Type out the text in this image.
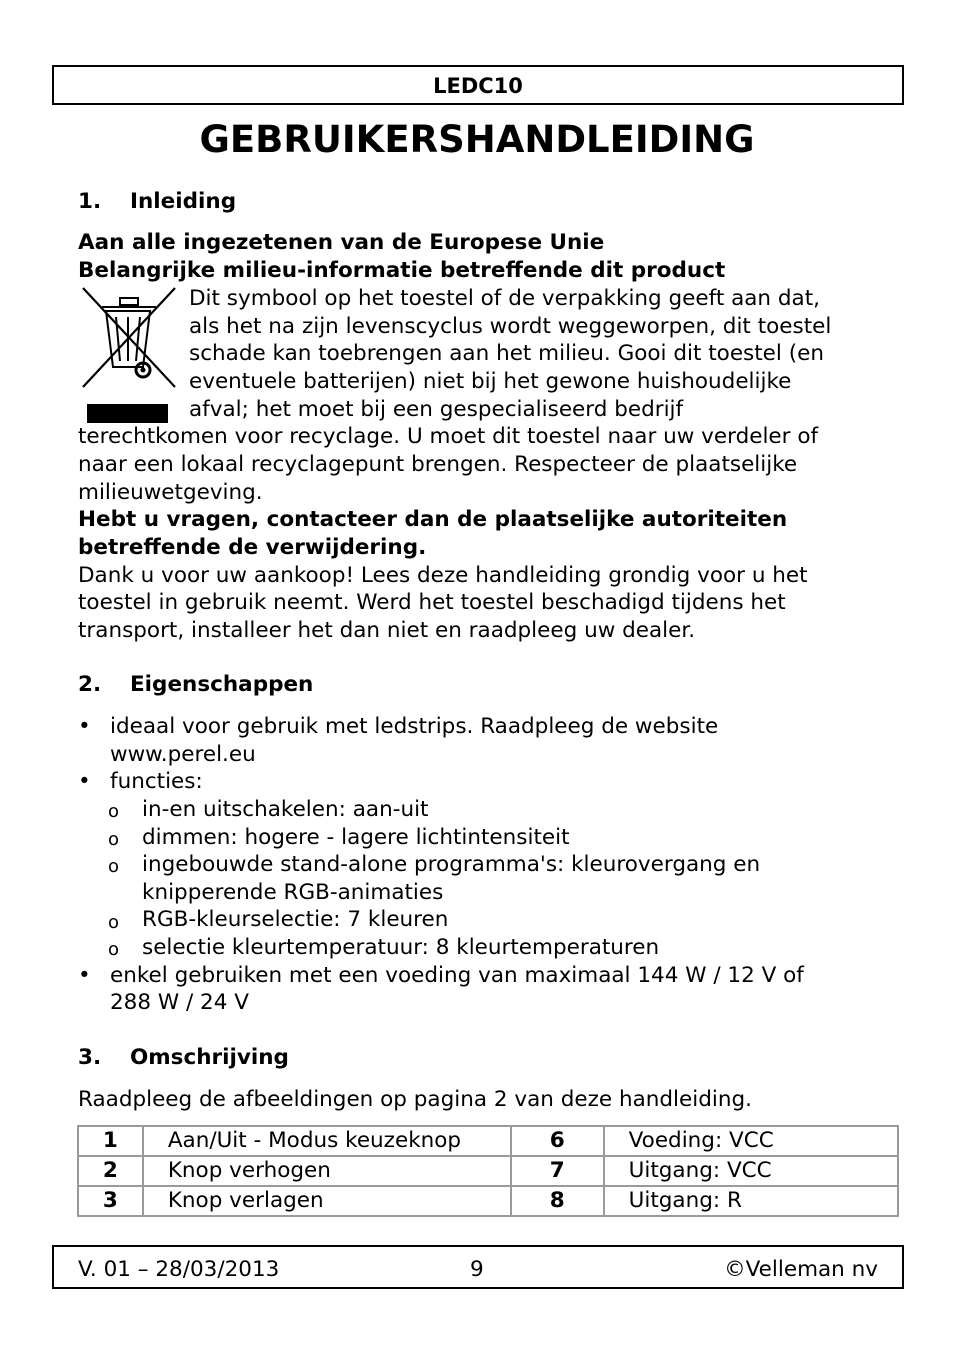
LEDC10
GEBRUIKERSHANDLEIDING
1. Inleiding
Aan alle ingezetenen van de Europese Unie
Belangrijke milieu-informatie betreffende dit product
Dit symbool op het toestel of de verpakking geeft aan dat,
als het na zijn levenscyclus wordt weggeworpen, dit toestel
schade kan toebrengen aan het milieu. Gooi dit toestel (en
eventuele batterijen) niet bij het gewone huishoudelijke
afval; het moet bij een gespecialiseerd bedrijf
terechtkomen voor recyclage. U moet dit toestel naar uw verdeler of
naar een lokaal recyclagepunt brengen. Respecteer de plaatselijke
milieuwetgeving.
Hebt u vragen, contacteer dan de plaatselijke autoriteiten
betreffende de verwijdering.
Dank u voor uw aankoop! Lees deze handleiding grondig voor u het
toestel in gebruik neemt. Werd het toestel beschadigd tijdens het
transport, installeer het dan niet en raadpleeg uw dealer.
2. Eigenschappen
• ideaal voor gebruik met ledstrips. Raadpleeg de website
www.perel.eu
• functies:
o	in-en uitschakelen: aan-uit
o	dimmen: hogere - lagere lichtintensiteit
o	ingebouwde stand-alone programma's: kleurovergang en
knipperende RGB-animaties
o	RGB-kleurselectie: 7 kleuren
o	selectie kleurtemperatuur: 8 kleurtemperaturen
• enkel gebruiken met een voeding van maximaal 144 W / 12 V of
288 W / 24 V
3. Omschrijving
Raadpleeg de afbeeldingen op pagina 2 van deze handleiding.
1	Aan/Uit - Modus keuzeknop	6	Voeding: VCC
2	Knop verhogen	7	Uitgang: VCC
3	Knop verlagen	8	Uitgang: R
V. 01 – 28/03/2013	9	©Velleman nv
